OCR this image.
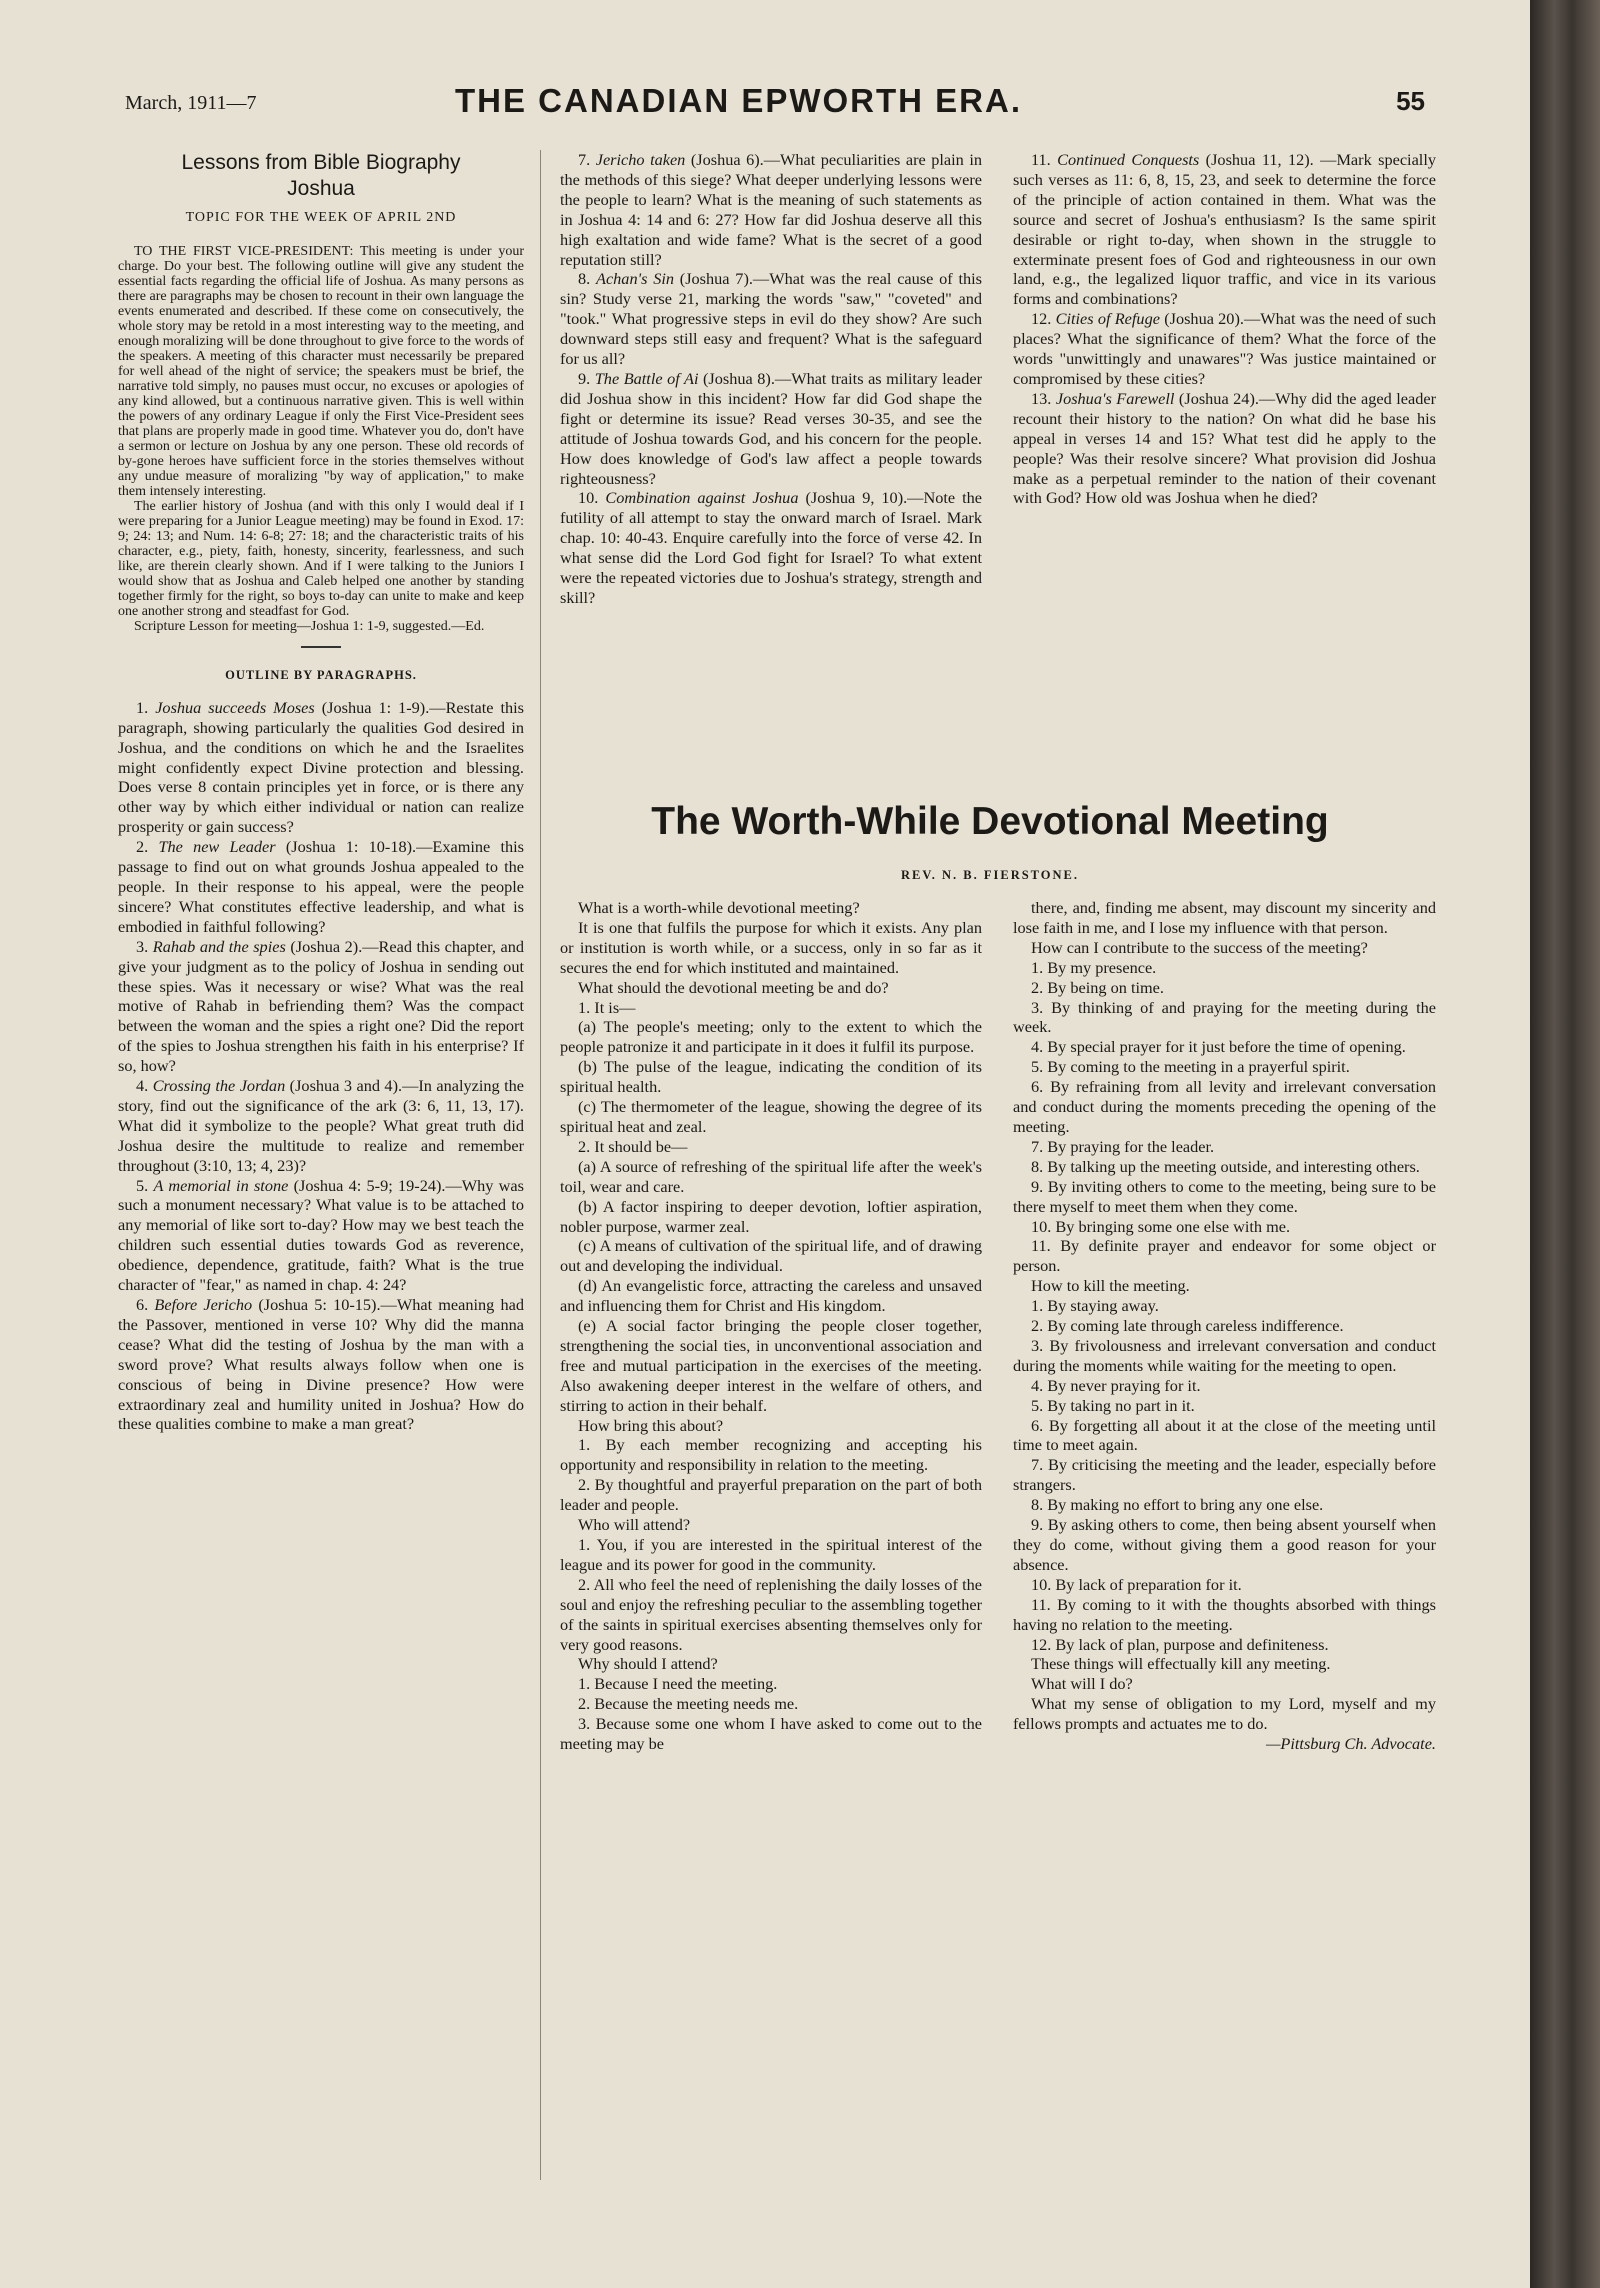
March, 1911—7	THE CANADIAN EPWORTH ERA.	55
Lessons from Bible Biography
Joshua
TOPIC FOR THE WEEK OF APRIL 2ND

TO THE FIRST VICE-PRESIDENT: This meeting is under your charge. Do your best. The following outline will give any student the essential facts regarding the official life of Joshua. As many persons as there are paragraphs may be chosen to recount in their own language the events enumerated and described. If these come on consecutively, the whole story may be retold in a most interesting way to the meeting, and enough moralizing will be done throughout to give force to the words of the speakers. A meeting of this character must necessarily be prepared for well ahead of the night of service; the speakers must be brief, the narrative told simply, no pauses must occur, no excuses or apologies of any kind allowed, but a continuous narrative given. This is well within the powers of any ordinary League if only the First Vice-President sees that plans are properly made in good time. Whatever you do, don't have a sermon or lecture on Joshua by any one person. These old records of by-gone heroes have sufficient force in the stories themselves without any undue measure of moralizing "by way of application," to make them intensely interesting.

The earlier history of Joshua (and with this only I would deal if I were preparing for a Junior League meeting) may be found in Exod. 17: 9; 24: 13; and Num. 14: 6-8; 27: 18; and the characteristic traits of his character, e.g., piety, faith, honesty, sincerity, fearlessness, and such like, are therein clearly shown. And if I were talking to the Juniors I would show that as Joshua and Caleb helped one another by standing together firmly for the right, so boys to-day can unite to make and keep one another strong and steadfast for God.

Scripture Lesson for meeting—Joshua 1: 1-9, suggested.—Ed.

OUTLINE BY PARAGRAPHS.

1. Joshua succeeds Moses (Joshua 1: 1-9).—Restate this paragraph, showing particularly the qualities God desired in Joshua, and the conditions on which he and the Israelites might confidently expect Divine protection and blessing. Does verse 8 contain principles yet in force, or is there any other way by which either individual or nation can realize prosperity or gain success?

2. The new Leader (Joshua 1: 10-18).—Examine this passage to find out on what grounds Joshua appealed to the people. In their response to his appeal, were the people sincere? What constitutes effective leadership, and what is embodied in faithful following?

3. Rahab and the spies (Joshua 2).—Read this chapter, and give your judgment as to the policy of Joshua in sending out these spies. Was it necessary or wise? What was the real motive of Rahab in befriending them? Was the compact between the woman and the spies a right one? Did the report of the spies to Joshua strengthen his faith in his enterprise? If so, how?

4. Crossing the Jordan (Joshua 3 and 4).—In analyzing the story, find out the significance of the ark (3: 6, 11, 13, 17). What did it symbolize to the people? What great truth did Joshua desire the multitude to realize and remember throughout (3:10, 13; 4, 23)?

5. A memorial in stone (Joshua 4: 5-9; 19-24).—Why was such a monument necessary? What value is to be attached to any memorial of like sort to-day? How may we best teach the children such essential duties towards God as reverence, obedience, dependence, gratitude, faith? What is the true character of "fear," as named in chap. 4: 24?

6. Before Jericho (Joshua 5: 10-15).—What meaning had the Passover, mentioned in verse 10? Why did the manna cease? What did the testing of Joshua by the man with a sword prove? What results always follow when one is conscious of being in Divine presence? How were extraordinary zeal and humility united in Joshua? How do these qualities combine to make a man great?

7. Jericho taken (Joshua 6).—What peculiarities are plain in the methods of this siege? What deeper underlying lessons were the people to learn? What is the meaning of such statements as in Joshua 4: 14 and 6: 27? How far did Joshua deserve all this high exaltation and wide fame? What is the secret of a good reputation still?

8. Achan's Sin (Joshua 7).—What was the real cause of this sin? Study verse 21, marking the words "saw," "coveted" and "took." What progressive steps in evil do they show? Are such downward steps still easy and frequent? What is the safeguard for us all?

9. The Battle of Ai (Joshua 8).—What traits as military leader did Joshua show in this incident? How far did God shape the fight or determine its issue? Read verses 30-35, and see the attitude of Joshua towards God, and his concern for the people. How does knowledge of God's law affect a people towards righteousness?

10. Combination against Joshua (Joshua 9, 10).—Note the futility of all attempt to stay the onward march of Israel. Mark chap. 10: 40-43. Enquire carefully into the force of verse 42. In what sense did the Lord God fight for Israel? To what extent were the repeated victories due to Joshua's strategy, strength and skill?

11. Continued Conquests (Joshua 11, 12). —Mark specially such verses as 11: 6, 8, 15, 23, and seek to determine the force of the principle of action contained in them. What was the source and secret of Joshua's enthusiasm? Is the same spirit desirable or right to-day, when shown in the struggle to exterminate present foes of God and righteousness in our own land, e.g., the legalized liquor traffic, and vice in its various forms and combinations?

12. Cities of Refuge (Joshua 20).—What was the need of such places? What the significance of them? What the force of the words "unwittingly and unawares"? Was justice maintained or compromised by these cities?

13. Joshua's Farewell (Joshua 24).—Why did the aged leader recount their history to the nation? On what did he base his appeal in verses 14 and 15? What test did he apply to the people? Was their resolve sincere? What provision did Joshua make as a perpetual reminder to the nation of their covenant with God? How old was Joshua when he died?

The Worth-While Devotional Meeting
REV. N. B. FIERSTONE.

What is a worth-while devotional meeting?

It is one that fulfils the purpose for which it exists. Any plan or institution is worth while, or a success, only in so far as it secures the end for which instituted and maintained.

What should the devotional meeting be and do?

1. It is—

(a) The people's meeting; only to the extent to which the people patronize it and participate in it does it fulfil its purpose.

(b) The pulse of the league, indicating the condition of its spiritual health.

(c) The thermometer of the league, showing the degree of its spiritual heat and zeal.

2. It should be—

(a) A source of refreshing of the spiritual life after the week's toil, wear and care.

(b) A factor inspiring to deeper devotion, loftier aspiration, nobler purpose, warmer zeal.

(c) A means of cultivation of the spiritual life, and of drawing out and developing the individual.

(d) An evangelistic force, attracting the careless and unsaved and influencing them for Christ and His kingdom.

(e) A social factor bringing the people closer together, strengthening the social ties, in unconventional association and free and mutual participation in the exercises of the meeting. Also awakening deeper interest in the welfare of others, and stirring to action in their behalf.

How bring this about?

1. By each member recognizing and accepting his opportunity and responsibility in relation to the meeting.

2. By thoughtful and prayerful preparation on the part of both leader and people.

Who will attend?

1. You, if you are interested in the spiritual interest of the league and its power for good in the community.

2. All who feel the need of replenishing the daily losses of the soul and enjoy the refreshing peculiar to the assembling together of the saints in spiritual exercises absenting themselves only for very good reasons.

Why should I attend?

1. Because I need the meeting.

2. Because the meeting needs me.

3. Because some one whom I have asked to come out to the meeting may be

there, and, finding me absent, may discount my sincerity and lose faith in me, and I lose my influence with that person.

How can I contribute to the success of the meeting?

1. By my presence.

2. By being on time.

3. By thinking of and praying for the meeting during the week.

4. By special prayer for it just before the time of opening.

5. By coming to the meeting in a prayerful spirit.

6. By refraining from all levity and irrelevant conversation and conduct during the moments preceding the opening of the meeting.

7. By praying for the leader.

8. By talking up the meeting outside, and interesting others.

9. By inviting others to come to the meeting, being sure to be there myself to meet them when they come.

10. By bringing some one else with me.

11. By definite prayer and endeavor for some object or person.

How to kill the meeting.

1. By staying away.

2. By coming late through careless indifference.

3. By frivolousness and irrelevant conversation and conduct during the moments while waiting for the meeting to open.

4. By never praying for it.

5. By taking no part in it.

6. By forgetting all about it at the close of the meeting until time to meet again.

7. By criticising the meeting and the leader, especially before strangers.

8. By making no effort to bring any one else.

9. By asking others to come, then being absent yourself when they do come, without giving them a good reason for your absence.

10. By lack of preparation for it.

11. By coming to it with the thoughts absorbed with things having no relation to the meeting.

12. By lack of plan, purpose and definiteness.

These things will effectually kill any meeting.

What will I do?

What my sense of obligation to my Lord, myself and my fellows prompts and actuates me to do.

—Pittsburg Ch. Advocate.
